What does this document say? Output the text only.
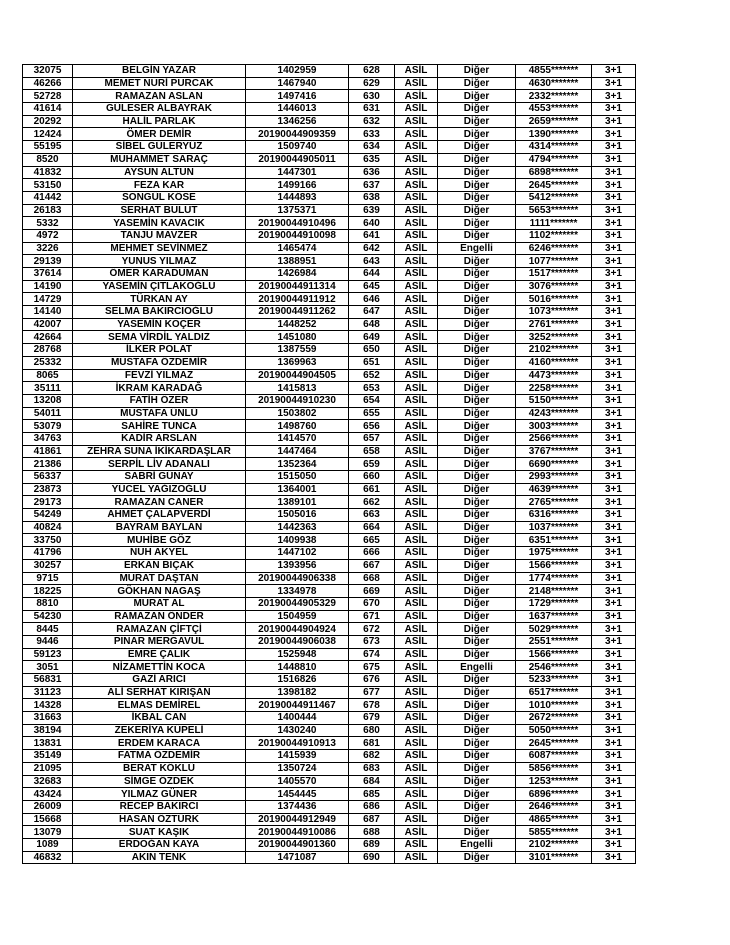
32075	BELGİN YAZAR	1402959	628	ASİL	Diğer	4855*******	3+1
46266	MEMET NURİ PURCAK	1467940	629	ASİL	Diğer	4630*******	3+1
52728	RAMAZAN ASLAN	1497416	630	ASİL	Diğer	2332*******	3+1
41614	GÜLESER ALBAYRAK	1446013	631	ASİL	Diğer	4553*******	3+1
20292	HALİL PARLAK	1346256	632	ASİL	Diğer	2659*******	3+1
12424	ÖMER DEMİR	20190044909359	633	ASİL	Diğer	1390*******	3+1
55195	SİBEL GÜLERYÜZ	1509740	634	ASİL	Diğer	4314*******	3+1
8520	MUHAMMET SARAÇ	20190044905011	635	ASİL	Diğer	4794*******	3+1
41832	AYSUN ALTUN	1447301	636	ASİL	Diğer	6898*******	3+1
53150	FEZA KAR	1499166	637	ASİL	Diğer	2645*******	3+1
41442	SONGÜL KÖSE	1444893	638	ASİL	Diğer	5412*******	3+1
26183	SERHAT BULUT	1375371	639	ASİL	Diğer	5653*******	3+1
5332	YASEMİN KAVACIK	20190044910496	640	ASİL	Diğer	1111*******	3+1
4972	TANJU MAVZER	20190044910098	641	ASİL	Diğer	1102*******	3+1
3226	MEHMET SEVİNMEZ	1465474	642	ASİL	Engelli	6246*******	3+1
29139	YUNUS YILMAZ	1388951	643	ASİL	Diğer	1077*******	3+1
37614	ÖMER KARADUMAN	1426984	644	ASİL	Diğer	1517*******	3+1
14190	YASEMİN ÇITLAKOĞLU	20190044911314	645	ASİL	Diğer	3076*******	3+1
14729	TÜRKAN AY	20190044911912	646	ASİL	Diğer	5016*******	3+1
14140	SELMA BAKIRCIOĞLU	20190044911262	647	ASİL	Diğer	1073*******	3+1
42007	YASEMİN KOÇER	1448252	648	ASİL	Diğer	2761*******	3+1
42664	SEMA VİRDİL YALDIZ	1451080	649	ASİL	Diğer	3252*******	3+1
28768	İLKER POLAT	1387559	650	ASİL	Diğer	2102*******	3+1
25332	MUSTAFA ÖZDEMİR	1369963	651	ASİL	Diğer	4160*******	3+1
8065	FEVZİ YILMAZ	20190044904505	652	ASİL	Diğer	4473*******	3+1
35111	İKRAM KARADAĞ	1415813	653	ASİL	Diğer	2258*******	3+1
13208	FATİH ÖZER	20190044910230	654	ASİL	Diğer	5150*******	3+1
54011	MUSTAFA ÜNLÜ	1503802	655	ASİL	Diğer	4243*******	3+1
53079	SAHİRE TUNCA	1498760	656	ASİL	Diğer	3003*******	3+1
34763	KADİR ARSLAN	1414570	657	ASİL	Diğer	2566*******	3+1
41861	ZEHRA SUNA İKİKARDAŞLAR	1447464	658	ASİL	Diğer	3767*******	3+1
21386	SERPİL LİV ADANALI	1352364	659	ASİL	Diğer	6690*******	3+1
56337	SABRİ GÜNAY	1515050	660	ASİL	Diğer	2993*******	3+1
23873	YÜCEL YAĞIZOĞLU	1364001	661	ASİL	Diğer	4639*******	3+1
29173	RAMAZAN CANER	1389101	662	ASİL	Diğer	2765*******	3+1
54249	AHMET ÇALAPVERDİ	1505016	663	ASİL	Diğer	6316*******	3+1
40824	BAYRAM BAYLAN	1442363	664	ASİL	Diğer	1037*******	3+1
33750	MUHİBE GÖZ	1409938	665	ASİL	Diğer	6351*******	3+1
41796	NUH AKYEL	1447102	666	ASİL	Diğer	1975*******	3+1
30257	ERKAN BIÇAK	1393956	667	ASİL	Diğer	1566*******	3+1
9715	MURAT DAŞTAN	20190044906338	668	ASİL	Diğer	1774*******	3+1
18225	GÖKHAN NAGAŞ	1334978	669	ASİL	Diğer	2148*******	3+1
8810	MURAT AL	20190044905329	670	ASİL	Diğer	1729*******	3+1
54230	RAMAZAN ÖNDER	1504959	671	ASİL	Diğer	1637*******	3+1
8445	RAMAZAN ÇİFTÇİ	20190044904924	672	ASİL	Diğer	5029*******	3+1
9446	PINAR MERGAVUL	20190044906038	673	ASİL	Diğer	2551*******	3+1
59123	EMRE ÇALIK	1525948	674	ASİL	Diğer	1566*******	3+1
3051	NİZAMETTİN KOCA	1448810	675	ASİL	Engelli	2546*******	3+1
56831	GAZİ ARICI	1516826	676	ASİL	Diğer	5233*******	3+1
31123	ALİ SERHAT KIRIŞAN	1398182	677	ASİL	Diğer	6517*******	3+1
14328	ELMAS DEMİREL	20190044911467	678	ASİL	Diğer	1010*******	3+1
31663	İKBAL CAN	1400444	679	ASİL	Diğer	2672*******	3+1
38194	ZEKERİYA KÜPELİ	1430240	680	ASİL	Diğer	5050*******	3+1
13831	ERDEM KARACA	20190044910913	681	ASİL	Diğer	2645*******	3+1
35149	FATMA ÖZDEMİR	1415939	682	ASİL	Diğer	6087*******	3+1
21095	BERAT KÖKLÜ	1350724	683	ASİL	Diğer	5856*******	3+1
32683	SİMGE ÖZDEK	1405570	684	ASİL	Diğer	1253*******	3+1
43424	YILMAZ GÜNER	1454445	685	ASİL	Diğer	6896*******	3+1
26009	RECEP BAKIRCI	1374436	686	ASİL	Diğer	2646*******	3+1
15668	HASAN ÖZTÜRK	20190044912949	687	ASİL	Diğer	4865*******	3+1
13079	SUAT KAŞIK	20190044910086	688	ASİL	Diğer	5855*******	3+1
1089	ERDOĞAN KAYA	20190044901360	689	ASİL	Engelli	2102*******	3+1
46832	AKIN TENK	1471087	690	ASİL	Diğer	3101*******	3+1
